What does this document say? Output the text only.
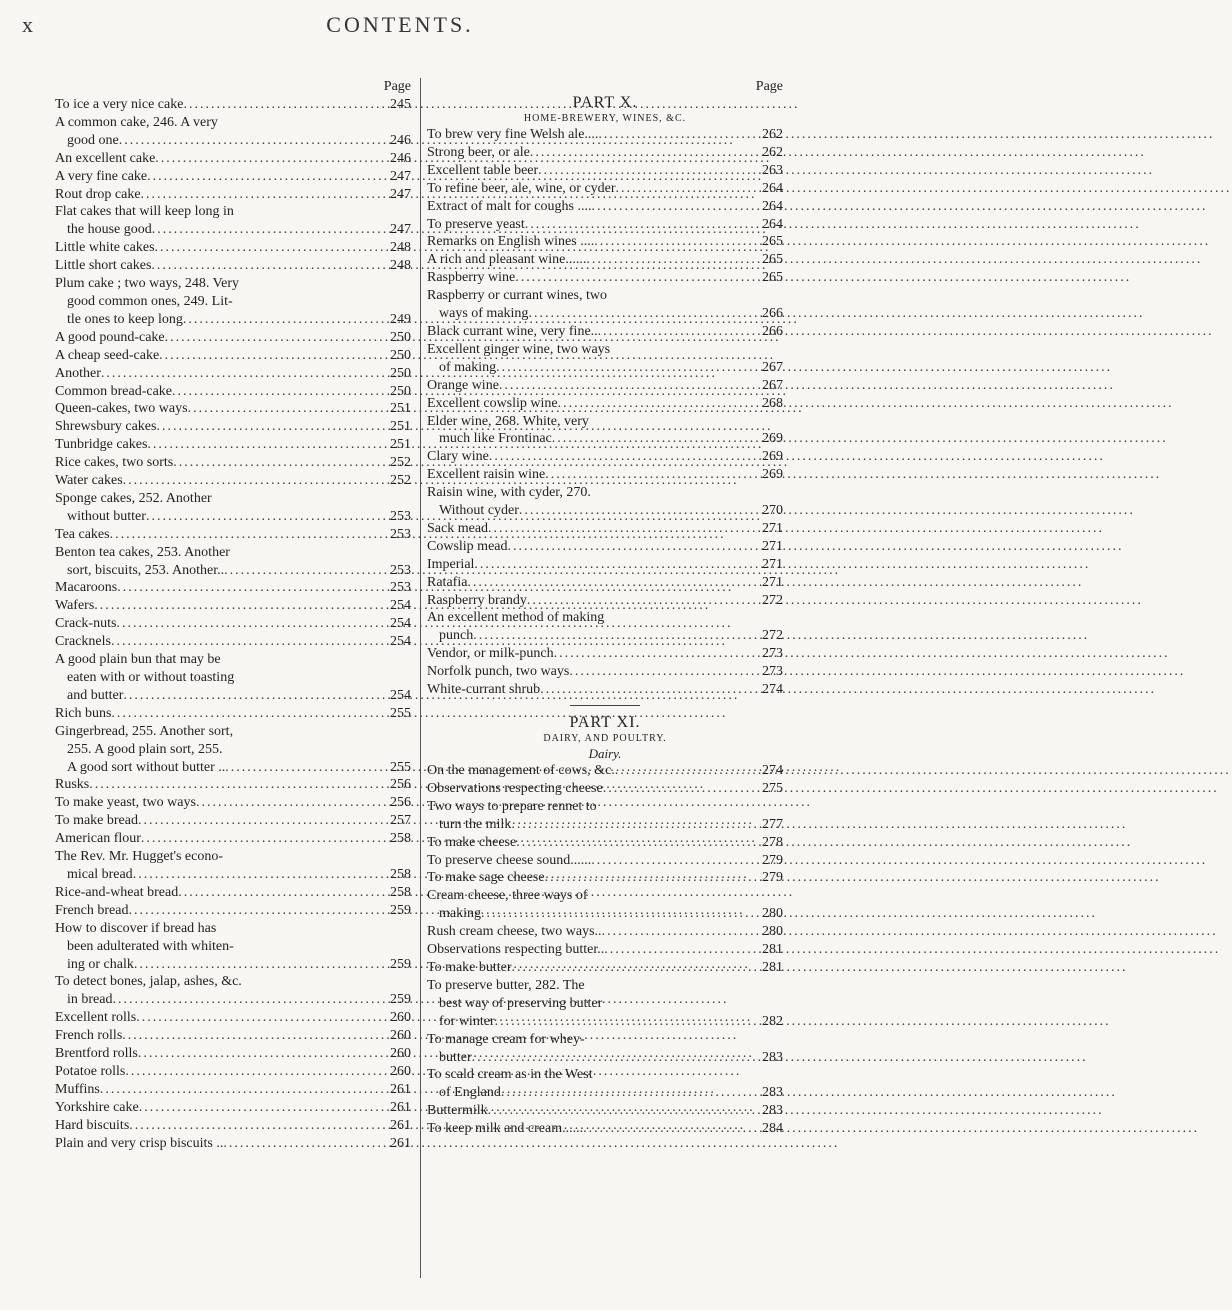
x	CONTENTS.
Page
To ice a very nice cake .....	245
A common cake, 246. A very
good one .....	246
An excellent cake .....	246
A very fine cake .....	247
Rout drop cake .....	247
Flat cakes that will keep long in
the house good .....	247
Little white cakes .....	248
Little short cakes .....	248
Plum cake ; two ways, 248. Very
good common ones, 249. Lit-
tle ones to keep long .....	249
A good pound-cake .....	250
A cheap seed-cake .....	250
Another .....	250
Common bread-cake .....	250
Queen-cakes, two ways .....	251
Shrewsbury cakes .....	251
Tunbridge cakes .....	251
Rice cakes, two sorts .....	252
Water cakes .....	252
Sponge cakes, 252. Another
without butter .....	253
Tea cakes .....	253
Benton tea cakes, 253. Another
sort, biscuits, 253. Another.. .....	253
Macaroons .....	253
Wafers .....	254
Crack-nuts .....	254
Cracknels .....	254
A good plain bun that may be
eaten with or without toasting
and butter .....	254
Rich buns .....	255
Gingerbread, 255. Another sort,
255. A good plain sort, 255.
A good sort without butter .. .....	255
Rusks .....	256
To make yeast, two ways .....	256
To make bread .....	257
American flour .....	258
The Rev. Mr. Hugget's econo-
mical bread .....	258
Rice-and-wheat bread .....	258
French bread .....	259
How to discover if bread has
been adulterated with whiten-
ing or chalk .....	259
To detect bones, jalap, ashes, &c.
in bread .....	259
Excellent rolls .....	260
French rolls .....	260
Brentford rolls .....	260
Potatoe rolls .....	260
Muffins .....	261
Yorkshire cake .....	261
Hard biscuits .....	261
Plain and very crisp biscuits .. .....	261
Page
PART X.
HOME-BREWERY, WINES, &C.
To brew very fine Welsh ale.... .....	262
Strong beer, or ale .....	262
Excellent table beer .....	263
To refine beer, ale, wine, or cyder .....	264
Extract of malt for coughs .... .....	264
To preserve yeast .....	264
Remarks on English wines .... .....	265
A rich and pleasant wine...... .....	265
Raspberry wine .....	265
Raspberry or currant wines, two
ways of making .....	266
Black currant wine, very fine.. .....	266
Excellent ginger wine, two ways
of making .....	267
Orange wine .....	267
Excellent cowslip wine .....	268
Elder wine, 268. White, very
much like Frontinac .....	269
Clary wine .....	269
Excellent raisin wine .....	269
Raisin wine, with cyder, 270.
Without cyder .....	270
Sack mead .....	271
Cowslip mead .....	271
Imperial .....	271
Ratafia .....	271
Raspberry brandy .....	272
An excellent method of making
punch .....	272
Vendor, or milk-punch .....	273
Norfolk punch, two ways .....	273
White-currant shrub .....	274
PART XI.
DAIRY, AND POULTRY.
Dairy.
On the management of cows, &c. .....	274
Observations respecting cheese .....	275
Two ways to prepare rennet to
turn the milk .....	277
To make cheese .....	278
To preserve cheese sound...... .....	279
To make sage cheese .....	279
Cream cheese, three ways of
making .....	280
Rush cream cheese, two ways.. .....	280
Observations respecting butter.. .....	281
To make butter .....	281
To preserve butter, 282. The
best way of preserving butter
for winter .....	282
To manage cream for whey-
butter .....	283
To scald cream as in the West
of England .....	283
Buttermilk .....	283
To keep milk and cream...... .....	284
